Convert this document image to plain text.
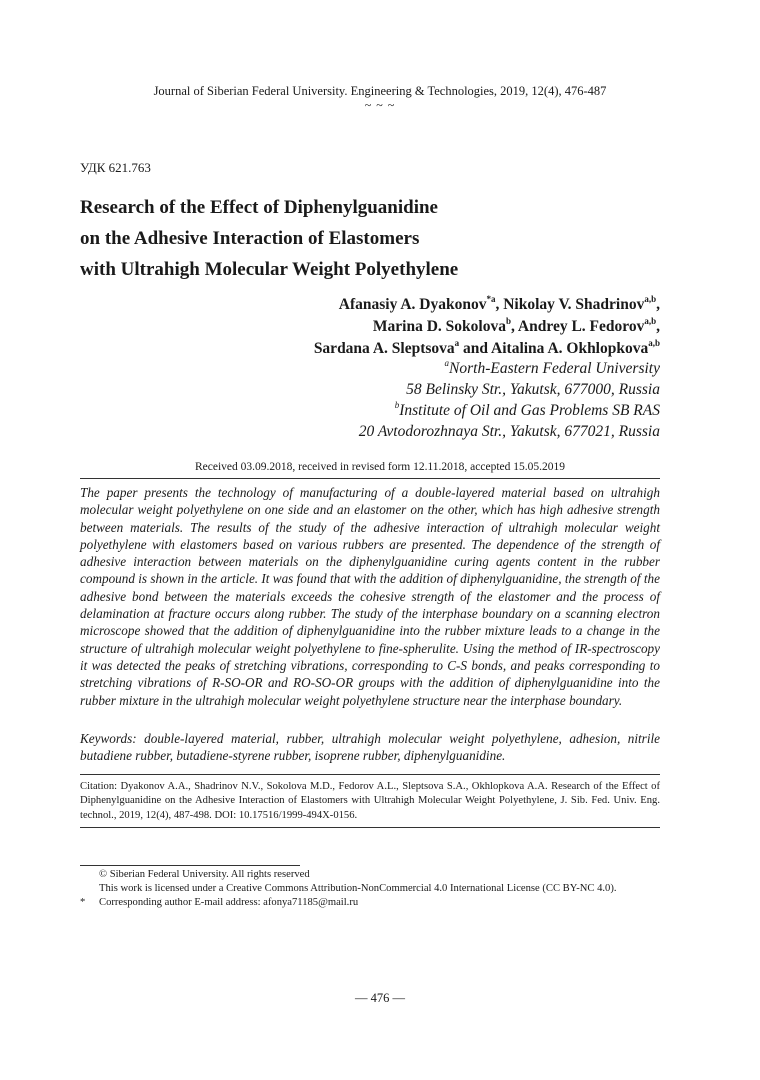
Journal of Siberian Federal University. Engineering & Technologies, 2019, 12(4), 476-487
~ ~ ~
УДК 621.763
Research of the Effect of Diphenylguanidine
on the Adhesive Interaction of Elastomers
with Ultrahigh Molecular Weight Polyethylene
Afanasiy A. Dyakonov$^{*a}$, Nikolay V. Shadrinov$^{a,b}$,
Marina D. Sokolova$^b$, Andrey L. Fedorov$^{a,b}$,
Sardana A. Sleptsova$^a$ and Aitalina A. Okhlopkova$^{a,b}$
$^a$North-Eastern Federal University
58 Belinsky Str., Yakutsk, 677000, Russia
$^b$Institute of Oil and Gas Problems SB RAS
20 Avtodorozhnaya Str., Yakutsk, 677021, Russia
Received 03.09.2018, received in revised form 12.11.2018, accepted 15.05.2019
The paper presents the technology of manufacturing of a double-layered material based on ultrahigh molecular weight polyethylene on one side and an elastomer on the other, which has high adhesive strength between materials. The results of the study of the adhesive interaction of ultrahigh molecular weight polyethylene with elastomers based on various rubbers are presented. The dependence of the strength of adhesive interaction between materials on the diphenylguanidine curing agents content in the rubber compound is shown in the article. It was found that with the addition of diphenylguanidine, the strength of the adhesive bond between the materials exceeds the cohesive strength of the elastomer and the process of delamination at fracture occurs along rubber. The study of the interphase boundary on a scanning electron microscope showed that the addition of diphenylguanidine into the rubber mixture leads to a change in the structure of ultrahigh molecular weight polyethylene to fine-spherulite. Using the method of IR-spectroscopy it was detected the peaks of stretching vibrations, corresponding to C-S bonds, and peaks corresponding to stretching vibrations of R-SO-OR and RO-SO-OR groups with the addition of diphenylguanidine into the rubber mixture in the ultrahigh molecular weight polyethylene structure near the interphase boundary.
Keywords: double-layered material, rubber, ultrahigh molecular weight polyethylene, adhesion, nitrile butadiene rubber, butadiene-styrene rubber, isoprene rubber, diphenylguanidine.
Citation: Dyakonov A.A., Shadrinov N.V., Sokolova M.D., Fedorov A.L., Sleptsova S.A., Okhlopkova A.A. Research of the Effect of Diphenylguanidine on the Adhesive Interaction of Elastomers with Ultrahigh Molecular Weight Polyethylene, J. Sib. Fed. Univ. Eng. technol., 2019, 12(4), 487-498. DOI: 10.17516/1999-494X-0156.
© Siberian Federal University. All rights reserved
This work is licensed under a Creative Commons Attribution-NonCommercial 4.0 International License (CC BY-NC 4.0).
* Corresponding author E-mail address: afonya71185@mail.ru
— 476 —
